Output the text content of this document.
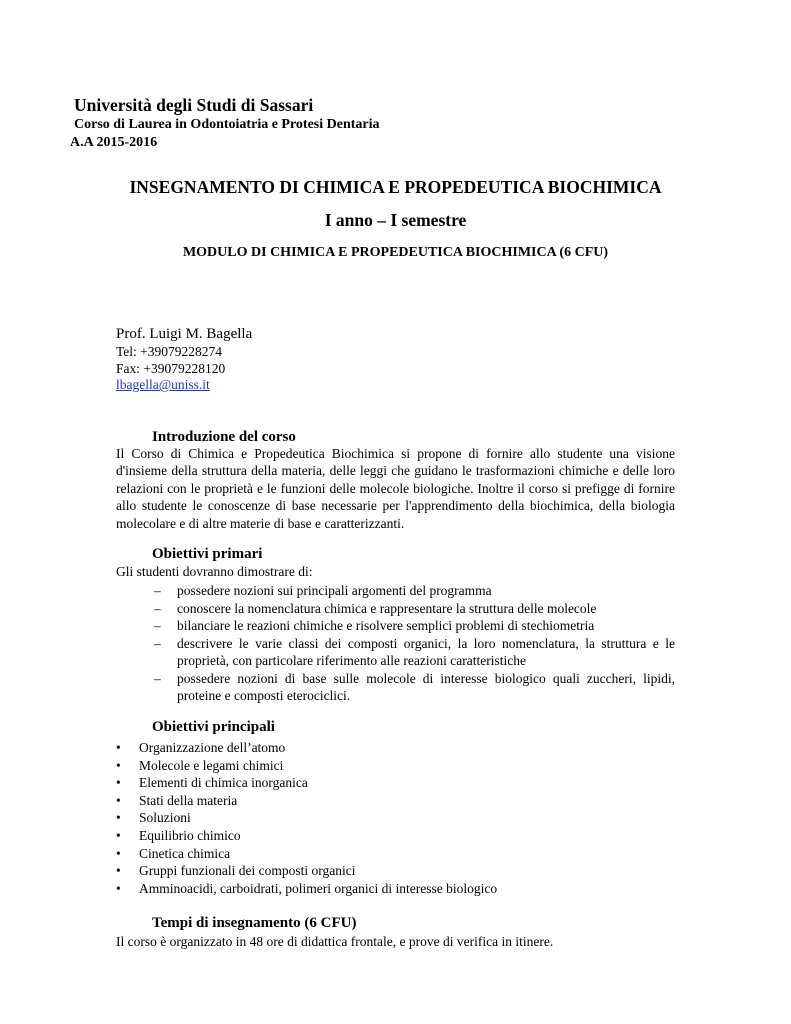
Università degli Studi di Sassari
Corso di Laurea in Odontoiatria e Protesi Dentaria
A.A 2015-2016
INSEGNAMENTO DI CHIMICA E PROPEDEUTICA BIOCHIMICA
I anno – I semestre
MODULO DI CHIMICA E PROPEDEUTICA BIOCHIMICA (6 CFU)
Prof. Luigi M. Bagella
Tel: +39079228274
Fax: +39079228120
lbagella@uniss.it
Introduzione del corso
Il Corso di Chimica e Propedeutica Biochimica si propone di fornire allo studente una visione d'insieme della struttura della materia, delle leggi che guidano le trasformazioni chimiche e delle loro relazioni con le proprietà e le funzioni delle molecole biologiche. Inoltre il corso si prefigge di fornire allo studente le conoscenze di base necessarie per l'apprendimento della biochimica, della biologia molecolare e di altre materie di base e caratterizzanti.
Obiettivi primari
Gli studenti dovranno dimostrare di:
– possedere nozioni sui principali argomenti del programma
– conoscere la nomenclatura chimica e rappresentare la struttura delle molecole
– bilanciare le reazioni chimiche e risolvere semplici problemi di stechiometria
– descrivere le varie classi dei composti organici, la loro nomenclatura, la struttura e le proprietà, con particolare riferimento alle reazioni caratteristiche
– possedere nozioni di base sulle molecole di interesse biologico quali zuccheri, lipidi, proteine e composti eterociclici.
Obiettivi principali
• Organizzazione dell’atomo
• Molecole e legami chimici
• Elementi di chimica inorganica
• Stati della materia
• Soluzioni
• Equilibrio chimico
• Cinetica chimica
• Gruppi funzionali dei composti organici
• Amminoacidi, carboidrati, polimeri organici di interesse biologico
Tempi di insegnamento (6 CFU)
Il corso è organizzato in 48 ore di didattica frontale, e prove di verifica in itinere.
